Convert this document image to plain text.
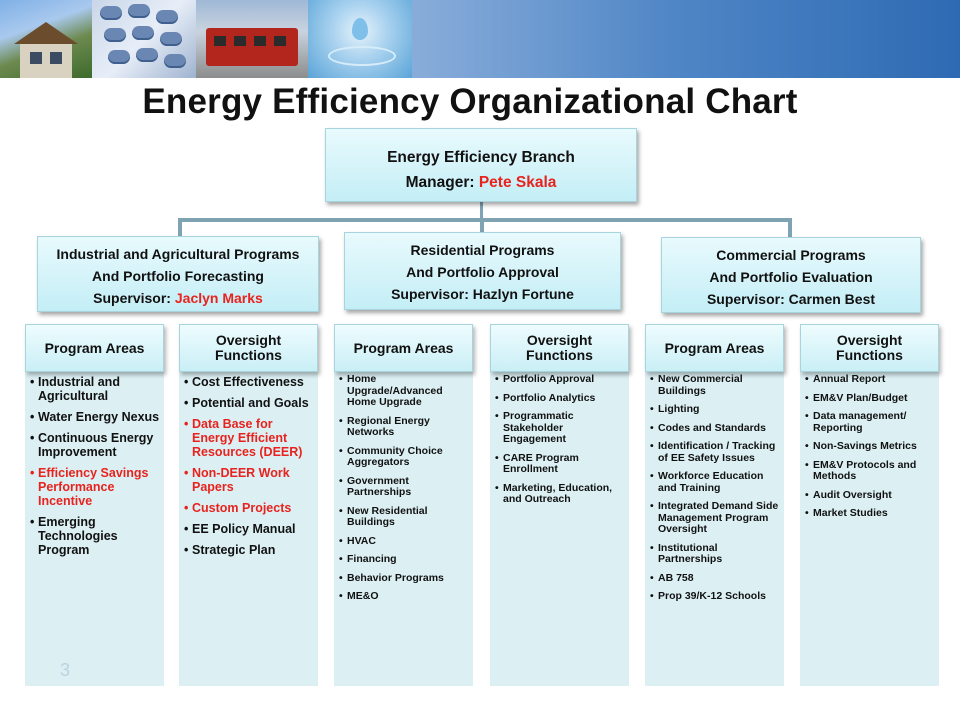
Energy Efficiency Organizational Chart
Energy Efficiency Branch
Manager: Pete Skala
Industrial and Agricultural Programs
And Portfolio Forecasting
Supervisor: Jaclyn Marks
Residential Programs
And Portfolio Approval
Supervisor: Hazlyn Fortune
Commercial Programs
And Portfolio Evaluation
Supervisor: Carmen Best
Program Areas
• Industrial and Agricultural
• Water Energy Nexus
• Continuous Energy Improvement
• Efficiency Savings Performance Incentive
• Emerging Technologies Program
Oversight Functions
• Cost Effectiveness
• Potential and Goals
• Data Base for Energy Efficient Resources (DEER)
• Non-DEER Work Papers
• Custom Projects
• EE Policy Manual
• Strategic Plan
Program Areas
• Home Upgrade/Advanced Home Upgrade
• Regional Energy Networks
• Community Choice Aggregators
• Government Partnerships
• New Residential Buildings
• HVAC
• Financing
• Behavior Programs
• ME&O
Oversight Functions
• Portfolio Approval
• Portfolio Analytics
• Programmatic Stakeholder Engagement
• CARE Program Enrollment
• Marketing, Education, and Outreach
Program Areas
• New Commercial Buildings
• Lighting
• Codes and Standards
• Identification / Tracking of EE Safety Issues
• Workforce Education and Training
• Integrated Demand Side Management Program Oversight
• Institutional Partnerships
• AB 758
• Prop 39/K-12 Schools
Oversight Functions
• Annual Report
• EM&V Plan/Budget
• Data management/ Reporting
• Non-Savings Metrics
• EM&V Protocols and Methods
• Audit Oversight
• Market Studies
3
